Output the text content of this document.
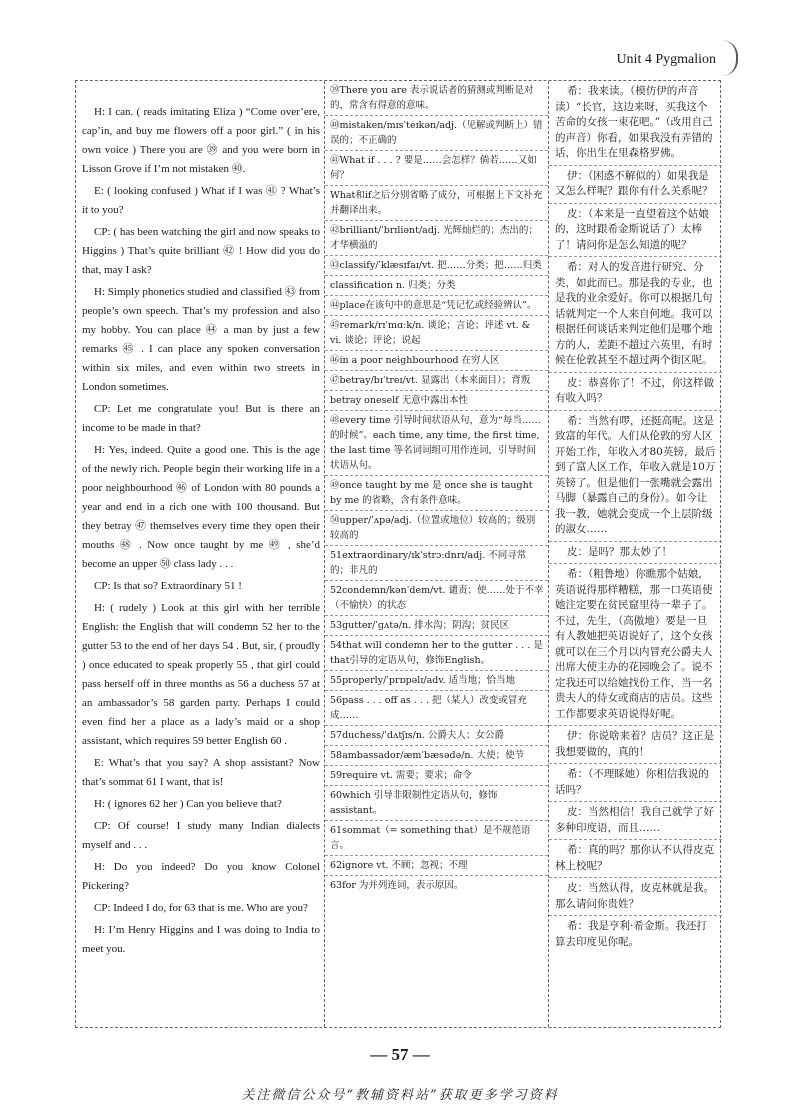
Unit 4 Pygmalion

H: I can. ( reads imitating Eliza ) “Come over’ere, cap’in, and buy me flowers off a poor girl.” ( in his own voice ) There you are ㊴ and you were born in Lisson Grove if I’m not mistaken ㊵.

E: ( looking confused ) What if I was ㊶ ? What’s it to you?

CP: ( has been watching the girl and now speaks to Higgins ) That’s quite brilliant ㊷ ! How did you do that, may I ask?

H: Simply phonetics studied and classified ㊸ from people’s own speech. That’s my profession and also my hobby. You can place ㊹ a man by just a few remarks ㊺ . I can place any spoken conversation within six miles, and even within two streets in London sometimes.

CP: Let me congratulate you! But is there an income to be made in that?

H: Yes, indeed. Quite a good one. This is the age of the newly rich. People begin their working life in a poor neighbourhood ㊻ of London with 80 pounds a year and end in a rich one with 100 thousand. But they betray ㊼ themselves every time they open their mouths ㊽ . Now once taught by me ㊾ , she’d become an upper ㊿ class lady . . .

CP: Is that so? Extraordinary 51 !

H: ( rudely ) Look at this girl with her terrible English: the English that will condemn 52 her to the gutter 53 to the end of her days 54 . But, sir, ( proudly ) once educated to speak properly 55 , that girl could pass herself off in three months as 56 a duchess 57 at an ambassador’s 58 garden party. Perhaps I could even find her a place as a lady’s maid or a shop assistant, which requires 59 better English 60 .

E: What’s that you say? A shop assistant? Now that’s sommat 61 I want, that is!

H: ( ignores 62 her ) Can you believe that?

CP: Of course! I study many Indian dialects myself and . . .

H: Do you indeed? Do you know Colonel Pickering?

CP: Indeed I do, for 63 that is me. Who are you?

H: I’m Henry Higgins and I was doing to India to meet you.

㊴There you are 表示说话者的猜测或判断是对的，常含有得意的意味。
㊵mistaken/mɪsˈteɪkən/adj.（见解或判断上）错误的；不正确的
㊶What if . . . ? 要是……会怎样？倘若……又如何？
What和if之后分别省略了成分，可根据上下文补充并翻译出来。
㊷brilliant/ˈbrɪliənt/adj. 光辉灿烂的；杰出的；才华横溢的
㊸classify/ˈklæsɪfaɪ/vt. 把……分类；把……归类
classification n. 归类；分类
㊹place在该句中的意思是“凭记忆或经验辨认”。
㊺remark/rɪˈmɑːk/n. 谈论；言论；评述 vt. & vi. 谈论；评论；说起
㊻in a poor neighbourhood 在穷人区
㊼betray/bɪˈtreɪ/vt. 显露出（本来面目）；背叛
betray oneself 无意中露出本性
㊽every time 引导时间状语从句，意为“每当……的时候”。each time, any time, the first time, the last time 等名词词组可用作连词，引导时间状语从句。
㊾once taught by me 是 once she is taught by me 的省略，含有条件意味。
㊿upper/ˈʌpə/adj.（位置或地位）较高的；级别较高的
51extraordinary/ɪkˈstrɔːdnrɪ/adj. 不同寻常的；非凡的
52condemn/kənˈdem/vt. 谴责；使……处于不幸（不愉快）的状态
53gutter/ˈɡʌtə/n. 排水沟；阴沟；贫民区
54that will condemn her to the gutter . . . 是that引导的定语从句，修饰English。
55properly/ˈprɒpəlɪ/adv. 适当地；恰当地
56pass . . . off as . . . 把（某人）改变或冒充成……
57duchess/ˈdʌtʃɪs/n. 公爵夫人；女公爵
58ambassador/æmˈbæsədə/n. 大使；使节
59require vt. 需要；要求；命令
60which 引导非限制性定语从句，修饰assistant。
61sommat（= something that）是不规范语言。
62ignore vt. 不顾；忽视；不理
63for 为并列连词，表示原因。
希：我来读。（模仿伊的声音读）“长官，这边来呀，买我这个苦命的女孩一束花吧。”（改用自己的声音）你看，如果我没有弄错的话，你出生在里森格罗佛。
伊：（困惑不解似的）如果我是又怎么样呢？跟你有什么关系呢？
皮：（本来是一直望着这个姑娘的，这时跟希金斯说话了）太棒了！请问你是怎么知道的呢？
希：对人的发音进行研究、分类，如此而已。那是我的专业，也是我的业余爱好。你可以根据几句话就判定一个人来自何地。我可以根据任何谈话来判定他们是哪个地方的人，差距不超过六英里，有时候在伦敦甚至不超过两个街区呢。
皮：恭喜你了！不过，你这样做有收入吗？
希：当然有啰，还挺高呢。这是致富的年代。人们从伦敦的穷人区开始工作，年收入才80英镑，最后到了富人区工作，年收入就是10万英镑了。但是他们一张嘴就会露出马脚（暴露自己的身份）。如今让我一教，她就会变成一个上层阶级的淑女……
皮：是吗？那太妙了！
希：（粗鲁地）你瞧那个姑娘，英语说得那样糟糕，那一口英语使她注定要在贫民窟里待一辈子了。不过，先生，（高傲地）要是一旦有人教她把英语说好了，这个女孩就可以在三个月以内冒充公爵夫人出席大使主办的花园晚会了。说不定我还可以给她找份工作，当一名贵夫人的侍女或商店的店员。这些工作都要求英语说得好呢。
伊：你说啥来着？店员？这正是我想要做的，真的！
希：（不理睬她）你相信我说的话吗？
皮：当然相信！我自己就学了好多种印度语，而且……
希：真的吗？那你认不认得皮克林上校呢？
皮：当然认得，皮克林就是我。那么请问你贵姓？
希：我是亨利·希金斯。我还打算去印度见你呢。
— 57 —
关注微信公众号“教辅资料站”获取更多学习资料
